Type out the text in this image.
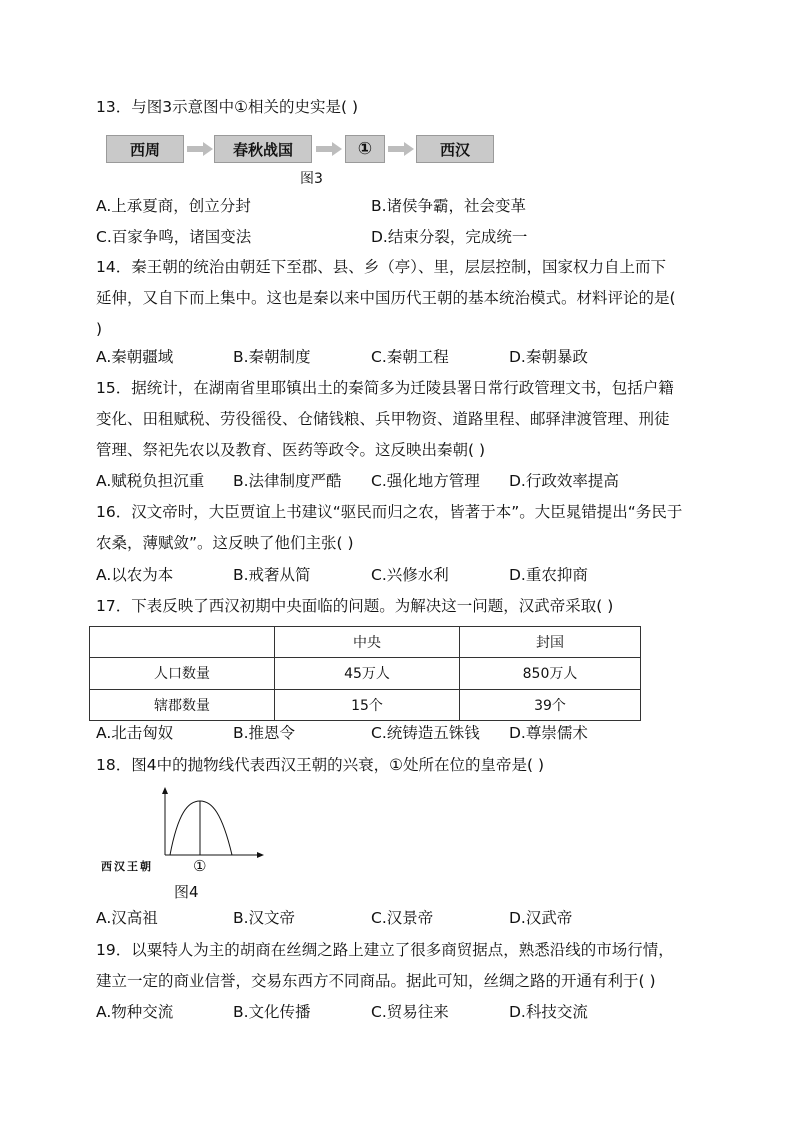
13．与图3示意图中①相关的史实是( )
西周	春秋战国	①	西汉
图3
A.上承夏商，创立分封	B.诸侯争霸，社会变革
C.百家争鸣，诸国变法	D.结束分裂，完成统一
14．秦王朝的统治由朝廷下至郡、县、乡（亭）、里，层层控制，国家权力自上而下
延伸，又自下而上集中。这也是秦以来中国历代王朝的基本统治模式。材料评论的是(
)
A.秦朝疆域	B.秦朝制度	C.秦朝工程	D.秦朝暴政
15．据统计，在湖南省里耶镇出土的秦简多为迁陵县署日常行政管理文书，包括户籍
变化、田租赋税、劳役徭役、仓储钱粮、兵甲物资、道路里程、邮驿津渡管理、刑徒
管理、祭祀先农以及教育、医药等政令。这反映出秦朝( )
A.赋税负担沉重 B.法律制度严酷 C.强化地方管理 D.行政效率提高
16．汉文帝时，大臣贾谊上书建议“驱民而归之农，皆著于本”。大臣晁错提出“务民于
农桑，薄赋敛”。这反映了他们主张( )
A.以农为本	B.戒奢从简	C.兴修水利	D.重农抑商
17．下表反映了西汉初期中央面临的问题。为解决这一问题，汉武帝采取( )
	中央	封国
人口数量	45万人	850万人
辖郡数量	15个	39个
A.北击匈奴	B.推恩令	C.统铸造五铢钱 D.尊崇儒术
18．图4中的抛物线代表西汉王朝的兴衰，①处所在位的皇帝是( )
西汉王朝	①
图4
A.汉高祖	B.汉文帝	C.汉景帝	D.汉武帝
19．以粟特人为主的胡商在丝绸之路上建立了很多商贸据点，熟悉沿线的市场行情，
建立一定的商业信誉，交易东西方不同商品。据此可知，丝绸之路的开通有利于( )
A.物种交流	B.文化传播	C.贸易往来	D.科技交流
